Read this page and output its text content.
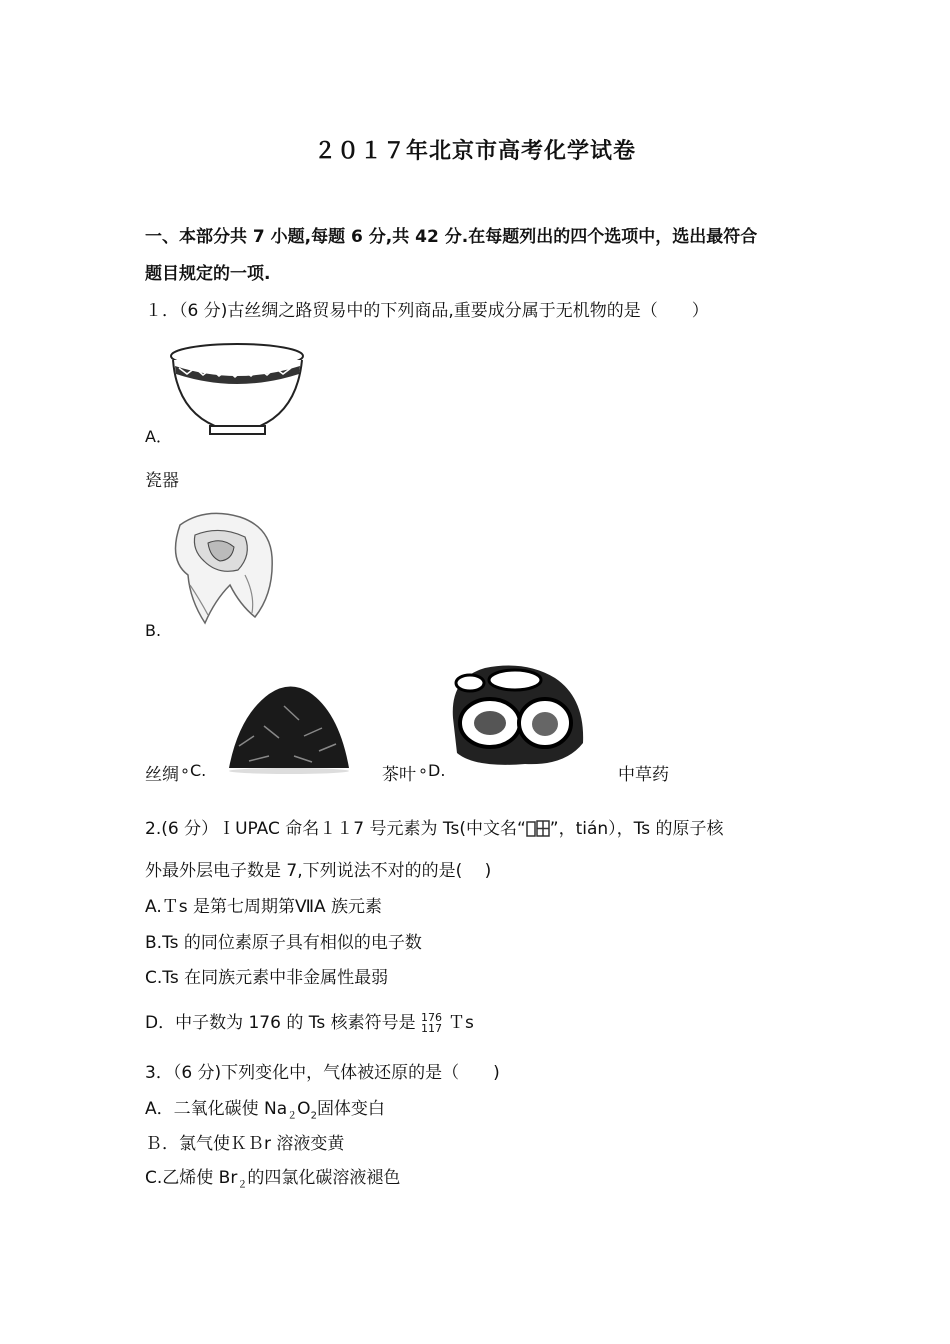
２０１７年北京市高考化学试卷
一、本部分共 7 小题,每题 6 分,共 42 分.在每题列出的四个选项中，选出最符合
题目规定的一项.
１．（6 分)古丝绸之路贸易中的下列商品,重要成分属于无机物的是（　　）
A．
瓷器
B.
丝绸 ∘ C.	茶叶 ∘ D.	中草药
2.(6 分）ＩUPAC 命名１１7 号元素为 Ts(中文名“ ”，tián），Ts 的原子核
外最外层电子数是 7,下列说法不对的的是(　 )
A.Ｔs 是第七周期第ⅦA 族元素
B.Ts 的同位素原子具有相似的电子数
C.Ts 在同族元素中非金属性最弱
D．中子数为 176 的 Ts 核素符号是 176
117 Ｔs
3．（6 分)下列变化中，气体被还原的是（　　)
A．二氧化碳使 $Na_2O_2$固体变白
Ｂ．氯气使ＫＢr 溶液变黄
C.乙烯使 $Br_2$的四氯化碳溶液褪色
